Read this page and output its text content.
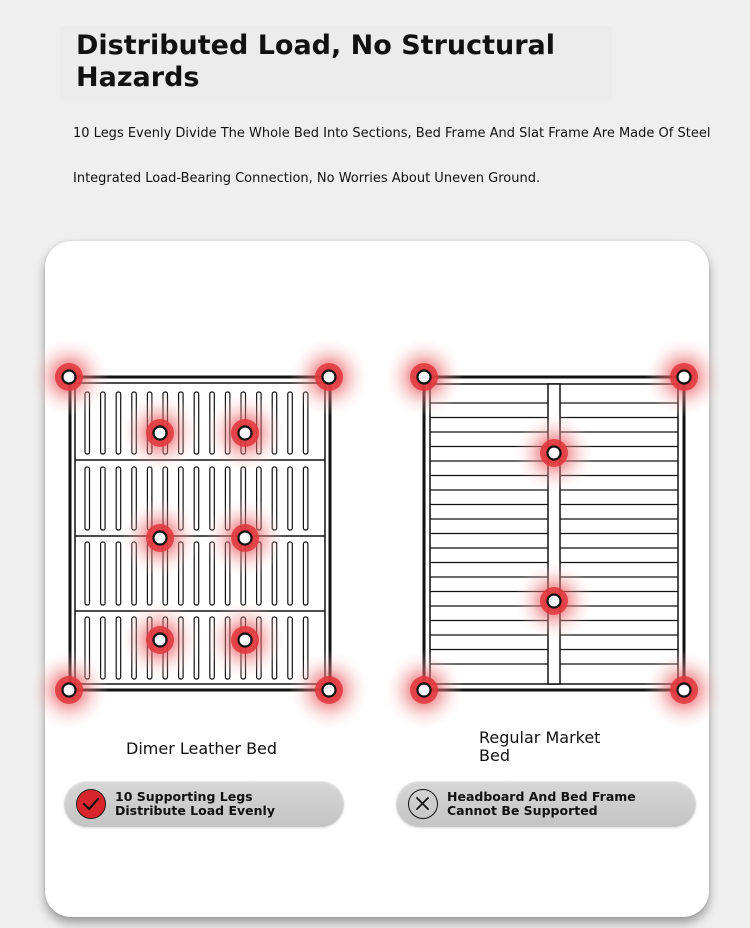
Distributed Load, No Structural Hazards
10 Legs Evenly Divide The Whole Bed Into Sections, Bed Frame And Slat Frame Are Made Of Steel
Integrated Load-Bearing Connection, No Worries About Uneven Ground.
Dimer Leather Bed
Regular Market Bed
10 Supporting Legs Distribute Load Evenly
Headboard And Bed Frame Cannot Be Supported
